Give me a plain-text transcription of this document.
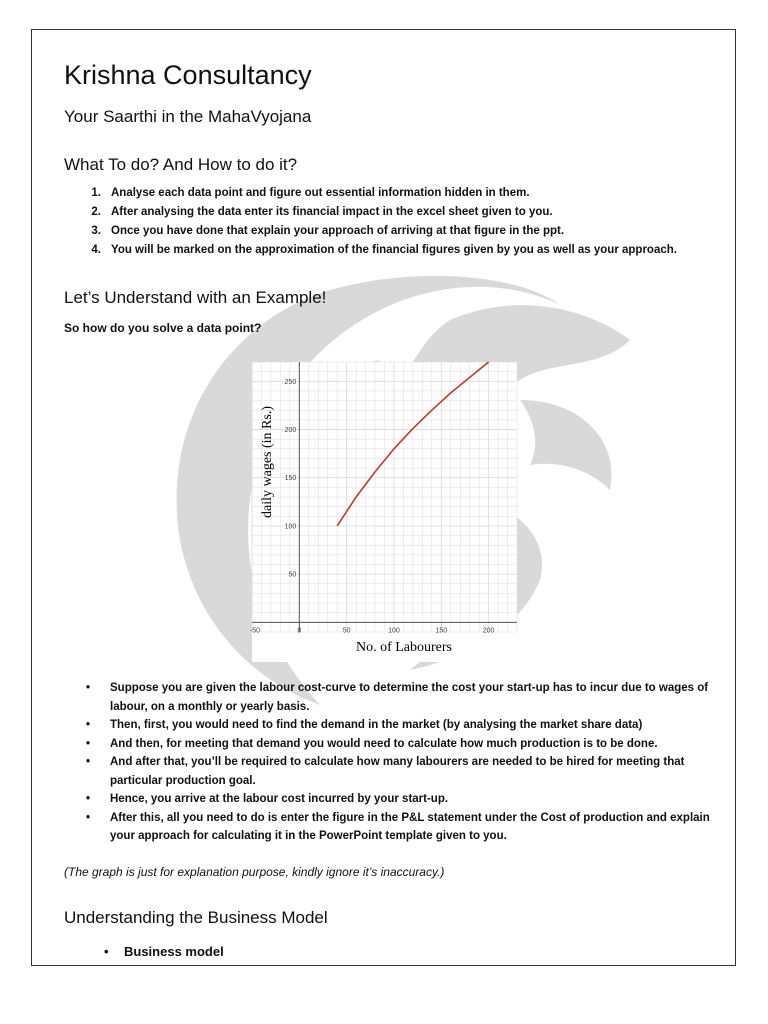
Krishna Consultancy
Your Saarthi in the MahaVyojana
What To do? And How to do it?
1. Analyse each data point and figure out essential information hidden in them.
2. After analysing the data enter its financial impact in the excel sheet given to you.
3. Once you have done that explain your approach of arriving at that figure in the ppt.
4. You will be marked on the approximation of the financial figures given by you as well as your approach.
Let’s Understand with an Example!
So how do you solve a data point?
-50	0	50	100	150	200
50
100
150
200
250
No. of Labourers
daily wages (in Rs.)
•	Suppose you are given the labour cost-curve to determine the cost your start-up has to incur due to wages of labour, on a monthly or yearly basis.
•	Then, first, you would need to find the demand in the market (by analysing the market share data)
•	And then, for meeting that demand you would need to calculate how much production is to be done.
•	And after that, you’ll be required to calculate how many labourers are needed to be hired for meeting that particular production goal.
•	Hence, you arrive at the labour cost incurred by your start-up.
•	After this, all you need to do is enter the figure in the P&L statement under the Cost of production and explain your approach for calculating it in the PowerPoint template given to you.
(The graph is just for explanation purpose, kindly ignore it’s inaccuracy.)
Understanding the Business Model
•	Business model
